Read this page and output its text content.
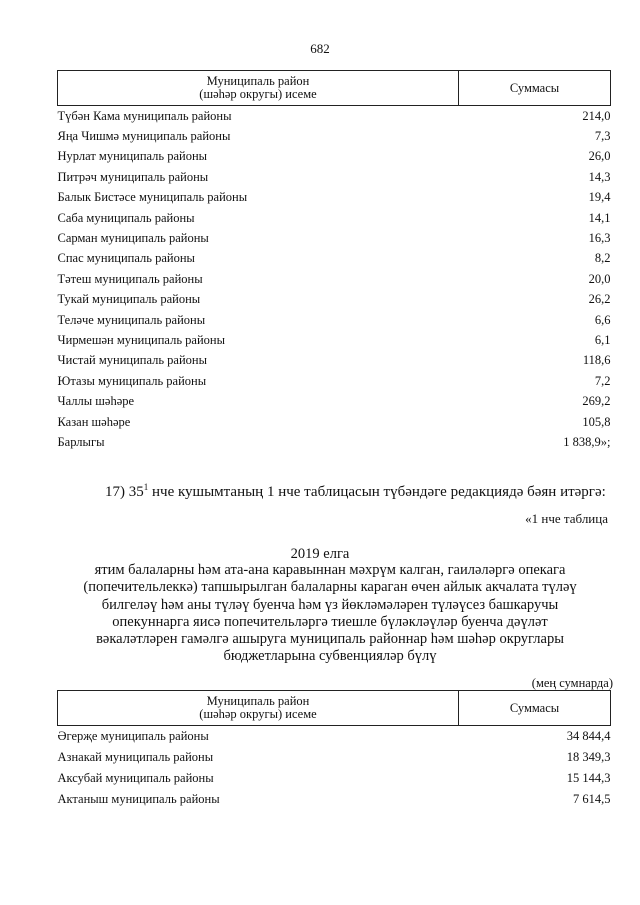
682
Муниципаль район
(шәһәр округы) исеме	Суммасы
Түбән Кама муниципаль районы	214,0
Яңа Чишмә муниципаль районы	7,3
Нурлат муниципаль районы	26,0
Питрәч муниципаль районы	14,3
Балык Бистәсе муниципаль районы	19,4
Саба муниципаль районы	14,1
Сарман муниципаль районы	16,3
Спас муниципаль районы	8,2
Тәтеш муниципаль районы	20,0
Тукай муниципаль районы	26,2
Теләче муниципаль районы	6,6
Чирмешән муниципаль районы	6,1
Чистай муниципаль районы	118,6
Ютазы муниципаль районы	7,2
Чаллы шәһәре	269,2
Казан шәһәре	105,8
Барлыгы	1 838,9»;
17) $35^1$ нче кушымтаның 1 нче таблицасын түбәндәге редакциядә бәян итәргә:
«1 нче таблица
2019 елга
ятим балаларны һәм ата-ана каравыннан мәхрүм калган, гаиләләргә опекага (попечительлеккә) тапшырылган балаларны караган өчен айлык акчалата түләү билгеләү һәм аны түләү буенча һәм үз йөкләмәләрен түләүсез башкаручы опекуннарга яисә попечительләргә тиешле бүләкләүләр буенча дәүләт вәкаләтләрен гамәлгә ашыруга муниципаль районнар һәм шәһәр округлары бюджетларына субвенцияләр бүлү
(мең сумнарда)
Муниципаль район
(шәһәр округы) исеме	Суммасы
Әгерҗе муниципаль районы	34 844,4
Азнакай муниципаль районы	18 349,3
Аксубай муниципаль районы	15 144,3
Актаныш муниципаль районы	7 614,5
